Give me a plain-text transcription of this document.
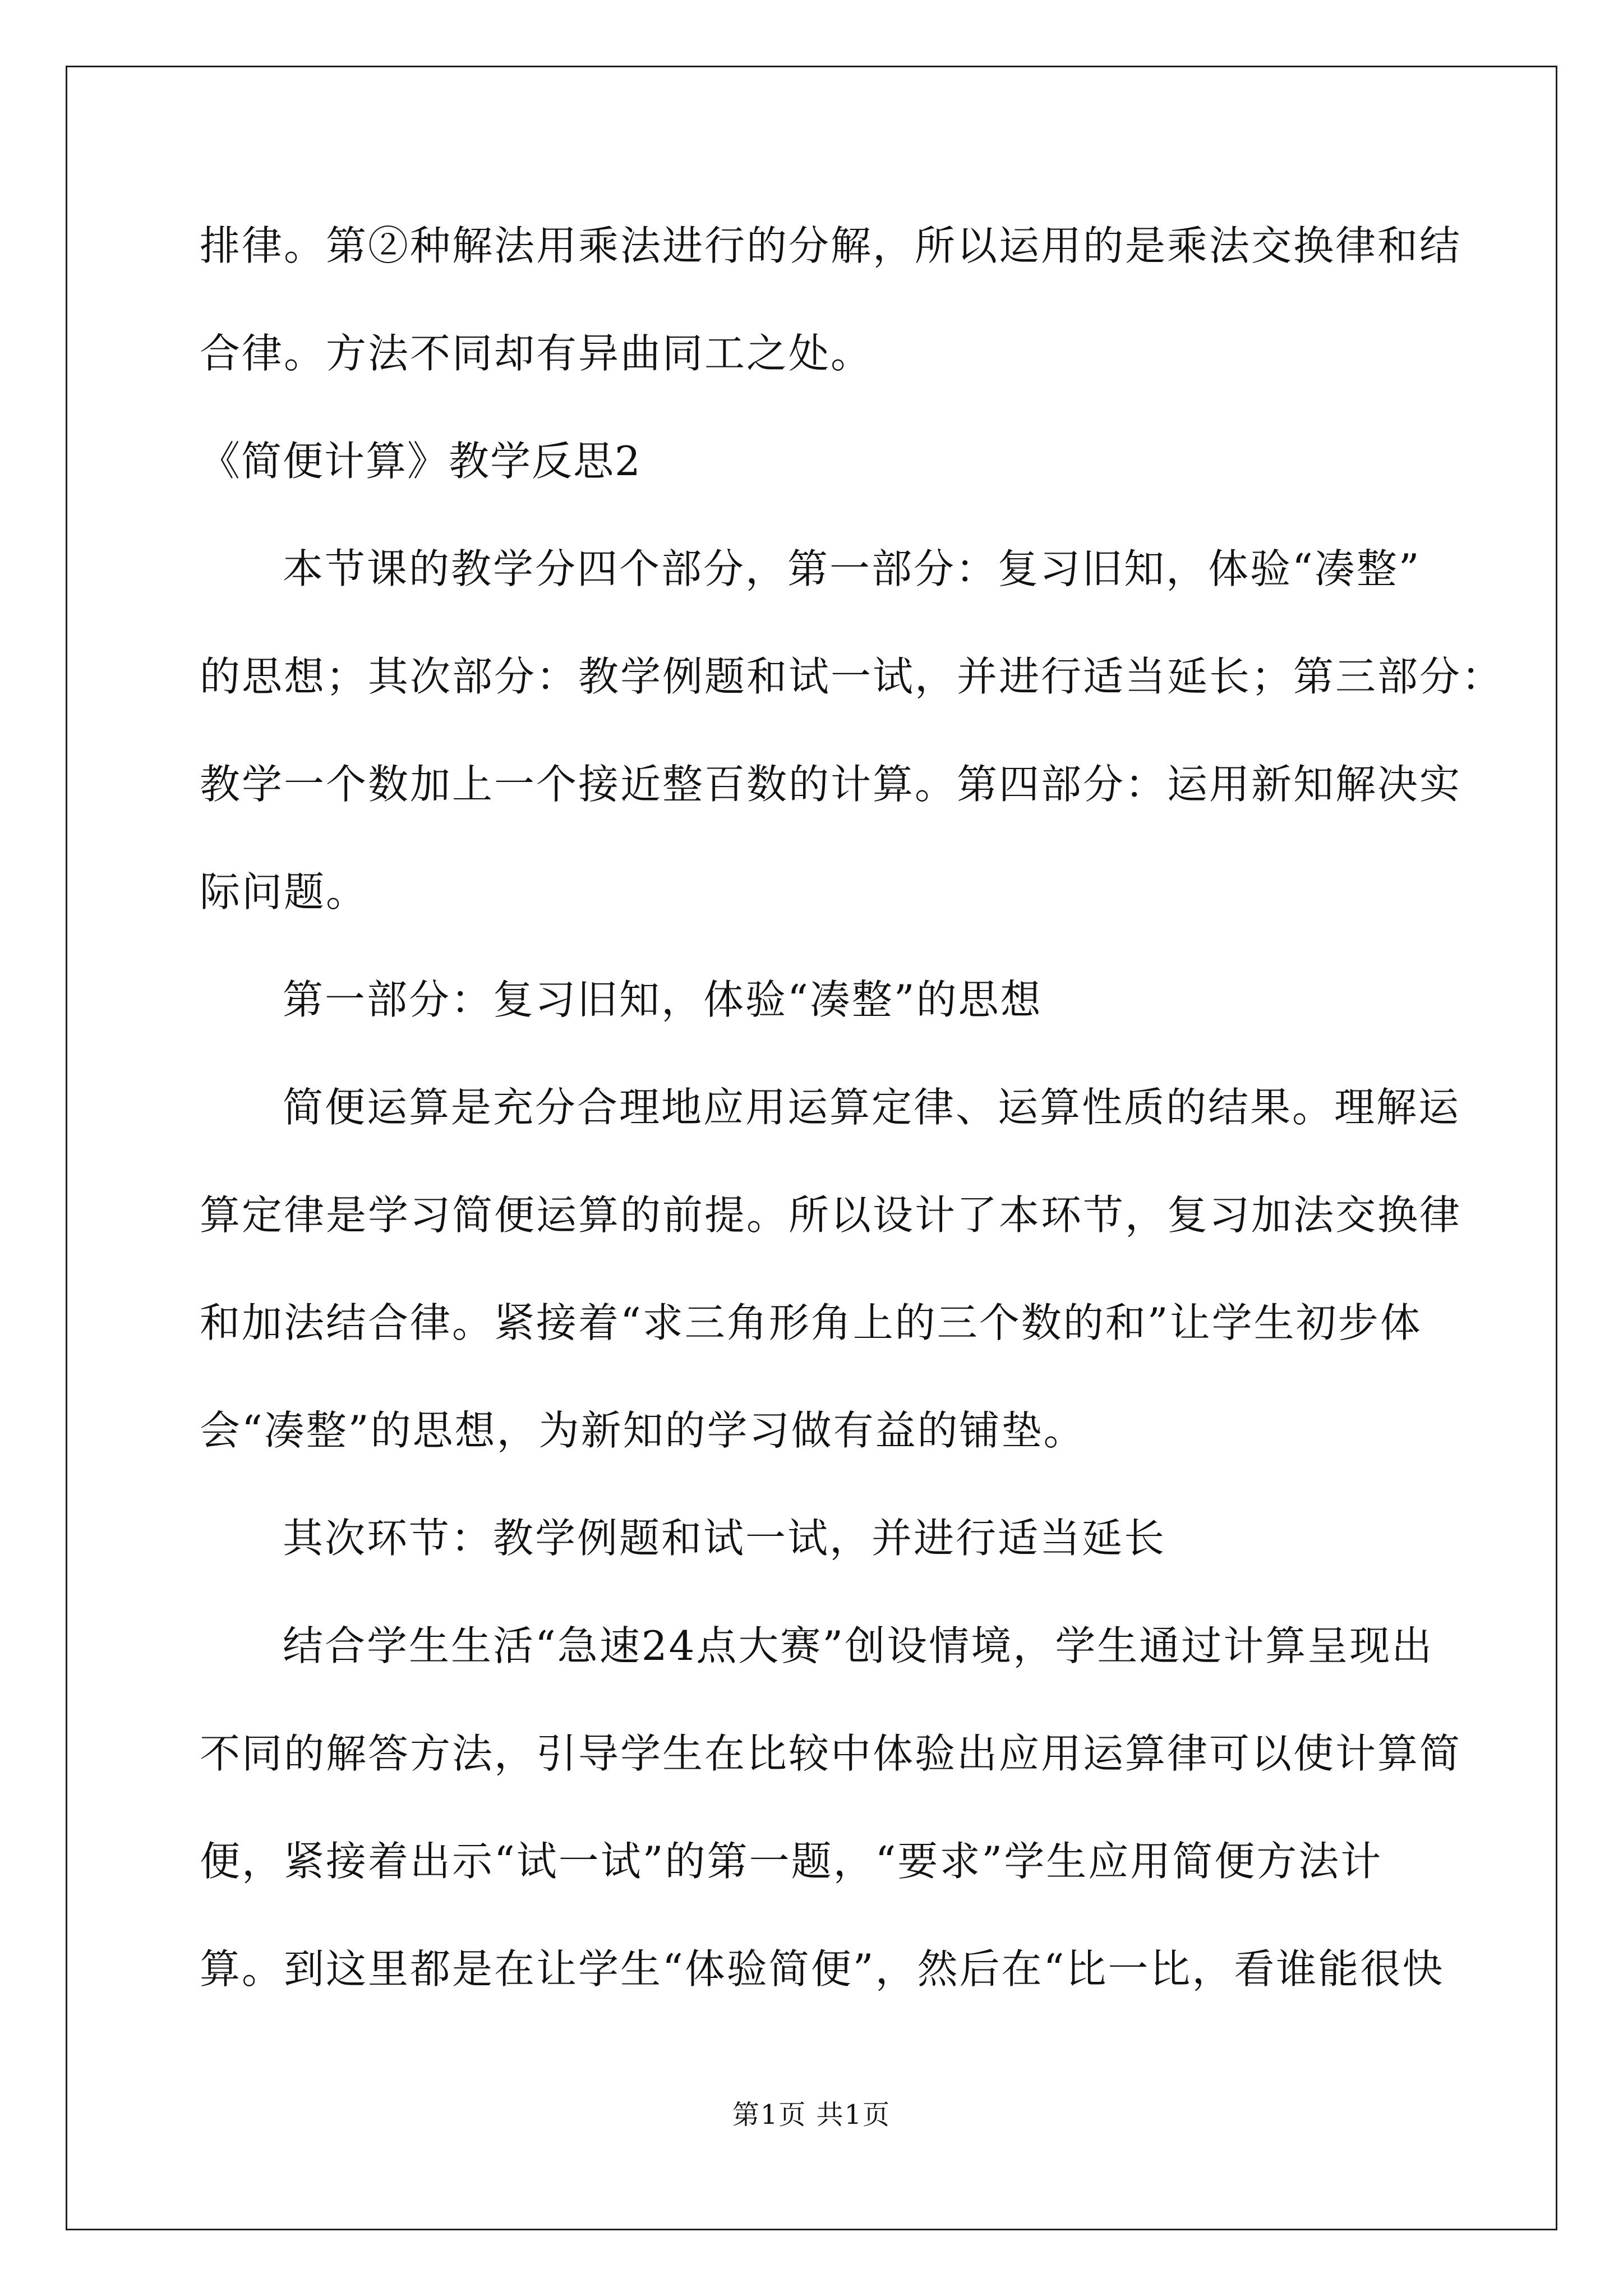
排律。第②种解法用乘法进行的分解，所以运用的是乘法交换律和结
合律。方法不同却有异曲同工之处。
《简便计算》教学反思2
本节课的教学分四个部分，第一部分：复习旧知，体验“凑整”
的思想；其次部分：教学例题和试一试，并进行适当延长；第三部分：
教学一个数加上一个接近整百数的计算。第四部分：运用新知解决实
际问题。
第一部分：复习旧知，体验“凑整”的思想
简便运算是充分合理地应用运算定律、运算性质的结果。理解运
算定律是学习简便运算的前提。所以设计了本环节，复习加法交换律
和加法结合律。紧接着“求三角形角上的三个数的和”让学生初步体
会“凑整”的思想，为新知的学习做有益的铺垫。
其次环节：教学例题和试一试，并进行适当延长
结合学生生活“急速24点大赛”创设情境，学生通过计算呈现出
不同的解答方法，引导学生在比较中体验出应用运算律可以使计算简
便，紧接着出示“试一试”的第一题，“要求”学生应用简便方法计
算。到这里都是在让学生“体验简便”，然后在“比一比，看谁能很快
第1页 共1页
